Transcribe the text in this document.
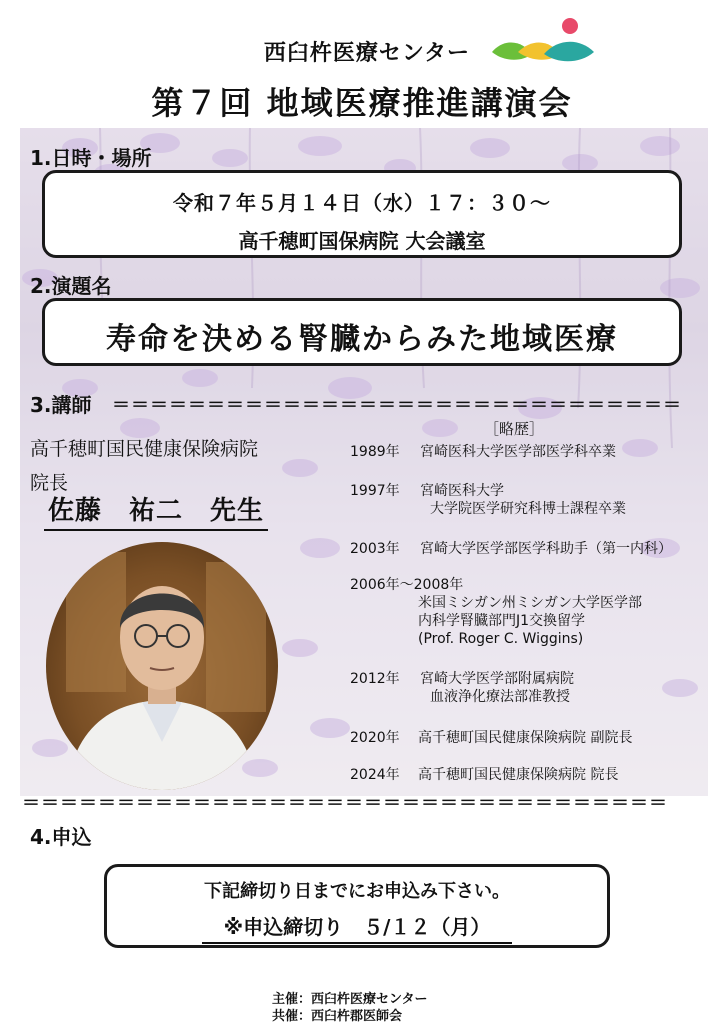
西臼杵医療センター
第７回 地域医療推進講演会
1.日時・場所
令和７年５月１４日（水）１７：３０～
高千穂町国保病院 大会議室
2.演題名
寿命を決める腎臓からみた地域医療
3.講師 ＝＝＝＝＝＝＝＝＝＝＝＝＝＝＝＝＝＝＝＝＝＝＝＝＝＝＝＝＝＝
高千穂町国民健康保険病院
院長
佐藤　祐二　先生
［略歴］
1989年 宮崎医科大学医学部医学科卒業
1997年 宮崎医科大学
大学院医学研究科博士課程卒業
2003年 宮崎大学医学部医学科助手（第一内科）
2006年～2008年
米国ミシガン州ミシガン大学医学部
内科学腎臓部門J1交換留学
(Prof. Roger C. Wiggins)
2012年 宮崎大学医学部附属病院
血液浄化療法部准教授
2020年 高千穂町国民健康保険病院 副院長
2024年 高千穂町国民健康保険病院 院長
＝＝＝＝＝＝＝＝＝＝＝＝＝＝＝＝＝＝＝＝＝＝＝＝＝＝＝＝＝＝＝＝＝＝
4.申込
下記締切り日までにお申込み下さい。
※申込締切り　５/１２（月）
主催：西臼杵医療センター
共催：西臼杵郡医師会
